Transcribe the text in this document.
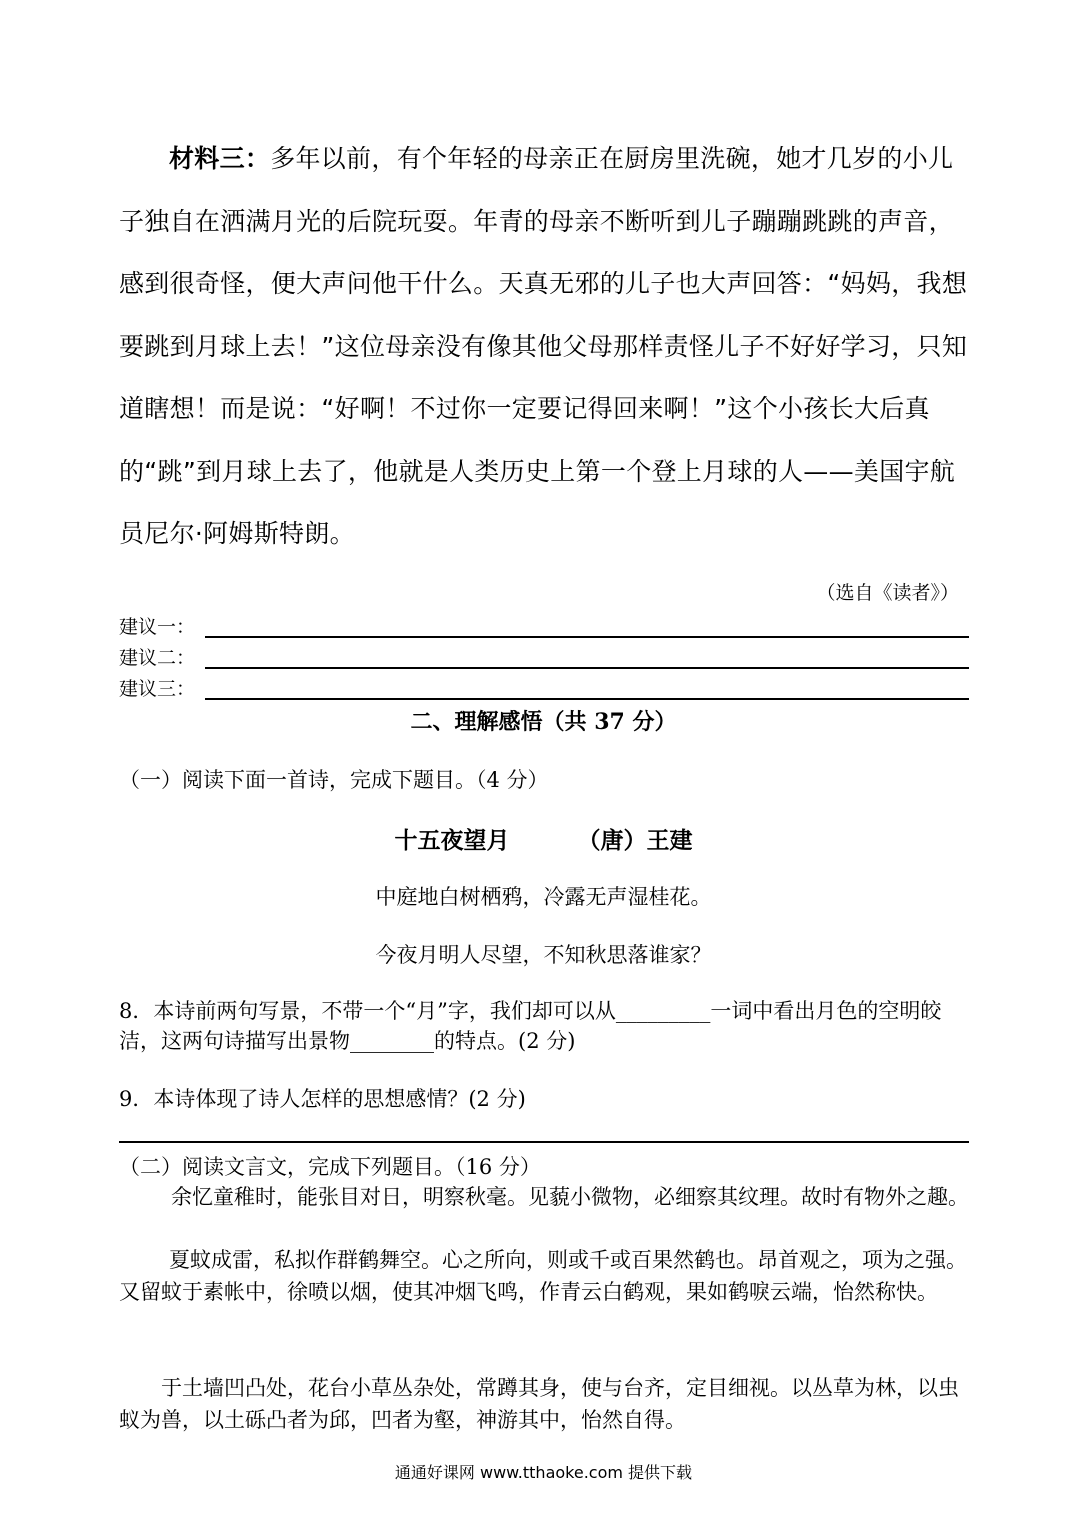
材料三：多年以前，有个年轻的母亲正在厨房里洗碗，她才几岁的小儿子独自在洒满月光的后院玩耍。年青的母亲不断听到儿子蹦蹦跳跳的声音，感到很奇怪，便大声问他干什么。天真无邪的儿子也大声回答：“妈妈，我想要跳到月球上去！”这位母亲没有像其他父母那样责怪儿子不好好学习，只知道瞎想！而是说：“好啊！不过你一定要记得回来啊！”这个小孩长大后真的“跳”到月球上去了，他就是人类历史上第一个登上月球的人——美国宇航员尼尔·阿姆斯特朗。

（选自《读者》）
建议一：
建议二：
建议三：
二、理解感悟（共 37 分）
（一）阅读下面一首诗，完成下题目。（4 分）
十五夜望月	（唐）王建
中庭地白树栖鸦，冷露无声湿桂花。
今夜月明人尽望，不知秋思落谁家？

8．本诗前两句写景，不带一个“月”字，我们却可以从_________一词中看出月色的空明皎洁，这两句诗描写出景物________的特点。(2 分)

9．本诗体现了诗人怎样的思想感情？(2 分)

（二）阅读文言文，完成下列题目。（16 分）

余忆童稚时，能张目对日，明察秋毫。见藐小微物，必细察其纹理。故时有物外之趣。

夏蚊成雷，私拟作群鹤舞空。心之所向，则或千或百果然鹤也。昂首观之，项为之强。又留蚊于素帐中，徐喷以烟，使其冲烟飞鸣，作青云白鹤观，果如鹤唳云端，怡然称快。

于土墙凹凸处，花台小草丛杂处，常蹲其身，使与台齐，定目细视。以丛草为林，以虫蚁为兽，以土砾凸者为邱，凹者为壑，神游其中，怡然自得。

通通好课网 www.tthaoke.com 提供下载
